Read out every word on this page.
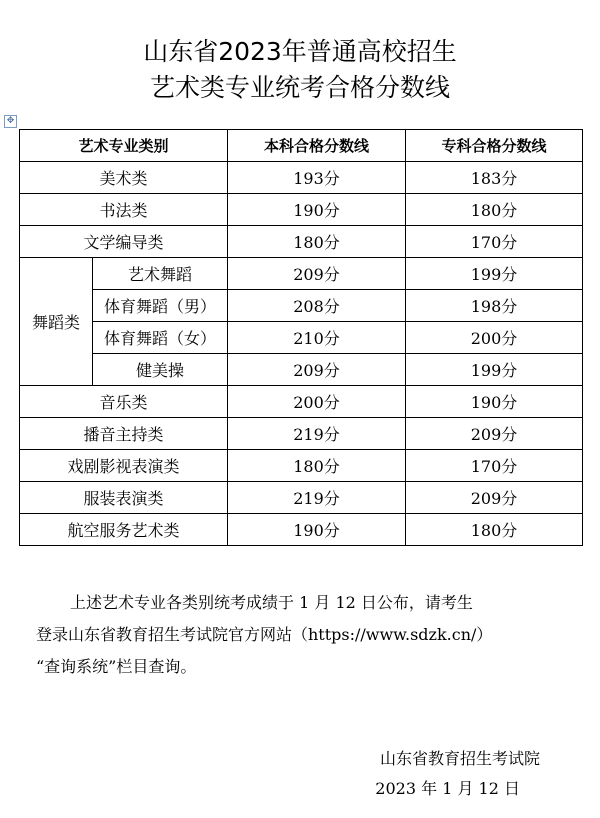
山东省2023年普通高校招生
艺术类专业统考合格分数线
✥
艺术专业类别		本科合格分数线	专科合格分数线
美术类		193分	183分
书法类		190分	180分
文学编导类		180分	170分
舞蹈类	艺术舞蹈	209分	199分
	体育舞蹈（男）	208分	198分
	体育舞蹈（女）	210分	200分
	健美操	209分	199分
音乐类		200分	190分
播音主持类		219分	209分
戏剧影视表演类		180分	170分
服装表演类		219分	209分
航空服务艺术类		190分	180分
上述艺术专业各类别统考成绩于 1 月 12 日公布，请考生
登录山东省教育招生考试院官方网站（https://www.sdzk.cn/）
“查询系统”栏目查询。
山东省教育招生考试院
2023 年 1 月 12 日
